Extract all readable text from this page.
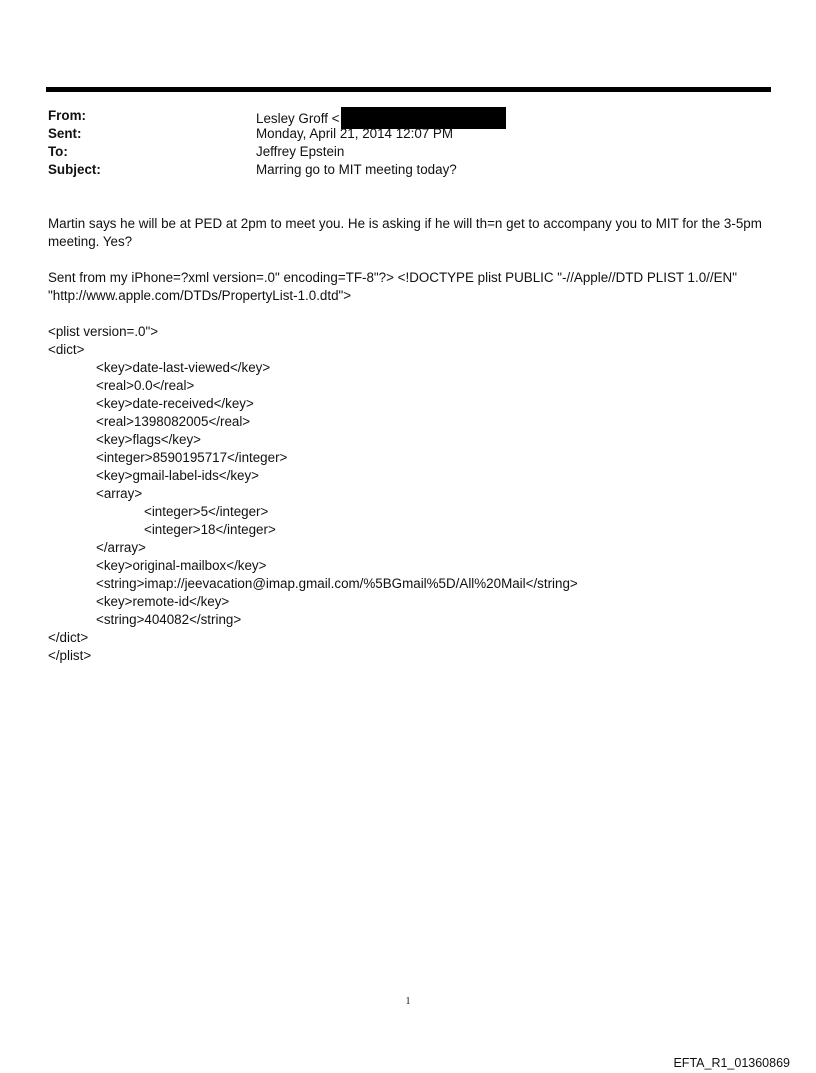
From:	Lesley Groff <
Sent:	Monday, April 21, 2014 12:07 PM
To:	Jeffrey Epstein
Subject:	Marring go to MIT meeting today?
Martin says he will be at PED at 2pm to meet you. He is asking if he will th=n get to accompany you to MIT for the 3-5pm meeting. Yes?
Sent from my iPhone=?xml version=.0" encoding=TF-8"?> <!DOCTYPE plist PUBLIC "-//Apple//DTD PLIST 1.0//EN" "http://www.apple.com/DTDs/PropertyList-1.0.dtd">
<plist version=.0">
<dict>
<key>date-last-viewed</key>
<real>0.0</real>
<key>date-received</key>
<real>1398082005</real>
<key>flags</key>
<integer>8590195717</integer>
<key>gmail-label-ids</key>
<array>
<integer>5</integer>
<integer>18</integer>
</array>
<key>original-mailbox</key>
<string>imap://jeevacation@imap.gmail.com/%5BGmail%5D/All%20Mail</string>
<key>remote-id</key>
<string>404082</string>
</dict>
</plist>
1
EFTA_R1_01360869
